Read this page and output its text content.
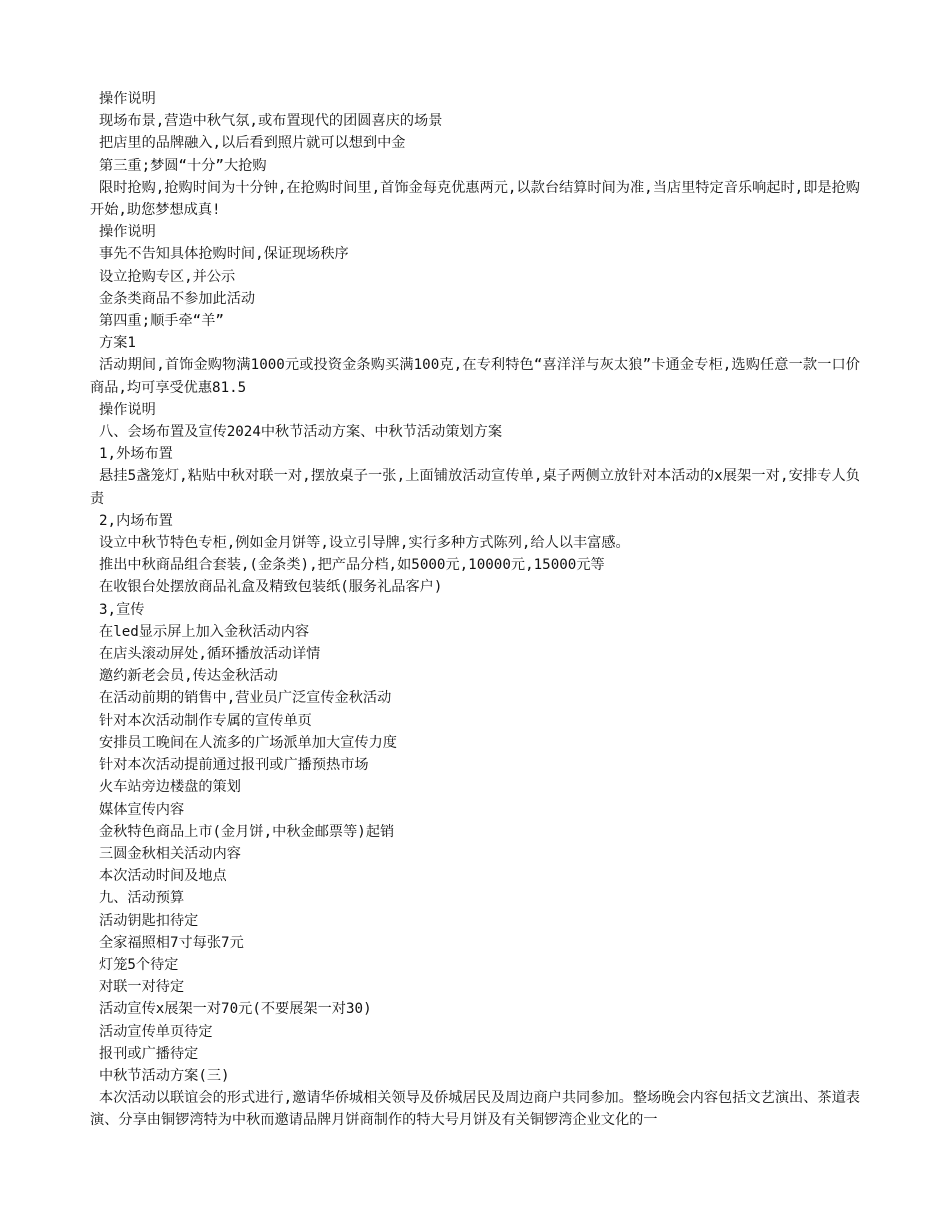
操作说明

现场布景,营造中秋气氛,或布置现代的团圆喜庆的场景

把店里的品牌融入,以后看到照片就可以想到中金

第三重;梦圆“十分”大抢购

限时抢购,抢购时间为十分钟,在抢购时间里,首饰金每克优惠两元,以款台结算时间为准,当店里特定音乐响起时,即是抢购开始,助您梦想成真!

操作说明

事先不告知具体抢购时间,保证现场秩序

设立抢购专区,并公示

金条类商品不参加此活动

第四重;顺手牵“羊”

方案1

活动期间,首饰金购物满1000元或投资金条购买满100克,在专利特色“喜洋洋与灰太狼”卡通金专柜,选购任意一款一口价商品,均可享受优惠81.5

操作说明

八、会场布置及宣传2024中秋节活动方案、中秋节活动策划方案

1,外场布置

悬挂5盏笼灯,粘贴中秋对联一对,摆放桌子一张,上面铺放活动宣传单,桌子两侧立放针对本活动的x展架一对,安排专人负责

2,内场布置

设立中秋节特色专柜,例如金月饼等,设立引导牌,实行多种方式陈列,给人以丰富感。

推出中秋商品组合套装,(金条类),把产品分档,如5000元,10000元,15000元等

在收银台处摆放商品礼盒及精致包装纸(服务礼品客户)

3,宣传

在led显示屏上加入金秋活动内容

在店头滚动屏处,循环播放活动详情

邀约新老会员,传达金秋活动

在活动前期的销售中,营业员广泛宣传金秋活动

针对本次活动制作专属的宣传单页

安排员工晚间在人流多的广场派单加大宣传力度

针对本次活动提前通过报刊或广播预热市场

火车站旁边楼盘的策划

媒体宣传内容

金秋特色商品上市(金月饼,中秋金邮票等)起销

三圆金秋相关活动内容

本次活动时间及地点

九、活动预算

活动钥匙扣待定

全家福照相7寸每张7元

灯笼5个待定

对联一对待定

活动宣传x展架一对70元(不要展架一对30)

活动宣传单页待定

报刊或广播待定

中秋节活动方案(三)

本次活动以联谊会的形式进行,邀请华侨城相关领导及侨城居民及周边商户共同参加。整场晚会内容包括文艺演出、茶道表演、分享由铜锣湾特为中秋而邀请品牌月饼商制作的特大号月饼及有关铜锣湾企业文化的一
